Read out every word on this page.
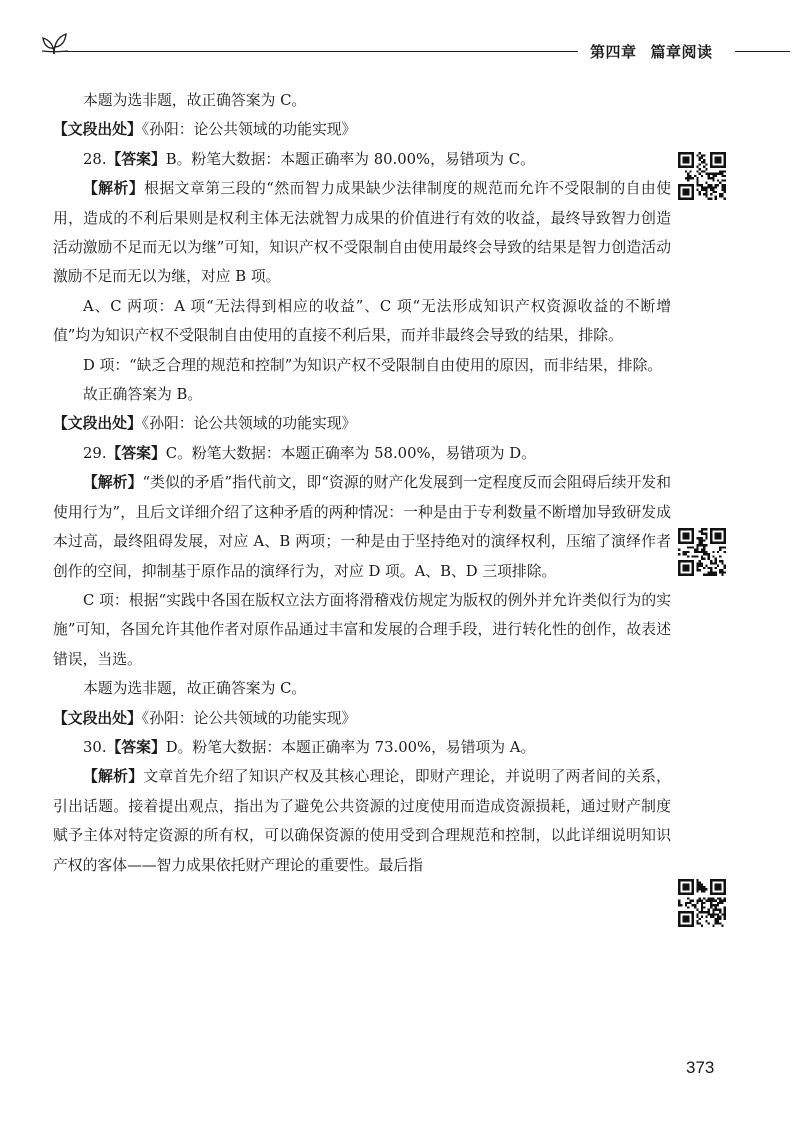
第四章 篇章阅读

本题为选非题，故正确答案为 C。

【文段出处】《孙阳：论公共领域的功能实现》

28.【答案】B。粉笔大数据：本题正确率为 80.00%，易错项为 C。

【解析】根据文章第三段的“然而智力成果缺少法律制度的规范而允许不受限制的自由使用，造成的不利后果则是权利主体无法就智力成果的价值进行有效的收益，最终导致智力创造活动激励不足而无以为继”可知，知识产权不受限制自由使用最终会导致的结果是智力创造活动激励不足而无以为继，对应 B 项。

A、C 两项：A 项“无法得到相应的收益”、C 项“无法形成知识产权资源收益的不断增值”均为知识产权不受限制自由使用的直接不利后果，而并非最终会导致的结果，排除。

D 项：“缺乏合理的规范和控制”为知识产权不受限制自由使用的原因，而非结果，排除。

故正确答案为 B。

【文段出处】《孙阳：论公共领域的功能实现》

29.【答案】C。粉笔大数据：本题正确率为 58.00%，易错项为 D。

【解析】“类似的矛盾”指代前文，即“资源的财产化发展到一定程度反而会阻碍后续开发和使用行为”，且后文详细介绍了这种矛盾的两种情况：一种是由于专利数量不断增加导致研发成本过高，最终阻碍发展，对应 A、B 两项；一种是由于坚持绝对的演绎权利，压缩了演绎作者创作的空间，抑制基于原作品的演绎行为，对应 D 项。A、B、D 三项排除。

C 项：根据“实践中各国在版权立法方面将滑稽戏仿规定为版权的例外并允许类似行为的实施”可知，各国允许其他作者对原作品通过丰富和发展的合理手段，进行转化性的创作，故表述错误，当选。

本题为选非题，故正确答案为 C。

【文段出处】《孙阳：论公共领域的功能实现》

30.【答案】D。粉笔大数据：本题正确率为 73.00%，易错项为 A。

【解析】文章首先介绍了知识产权及其核心理论，即财产理论，并说明了两者间的关系，引出话题。接着提出观点，指出为了避免公共资源的过度使用而造成资源损耗，通过财产制度赋予主体对特定资源的所有权，可以确保资源的使用受到合理规范和控制，以此详细说明知识产权的客体——智力成果依托财产理论的重要性。最后指

373
